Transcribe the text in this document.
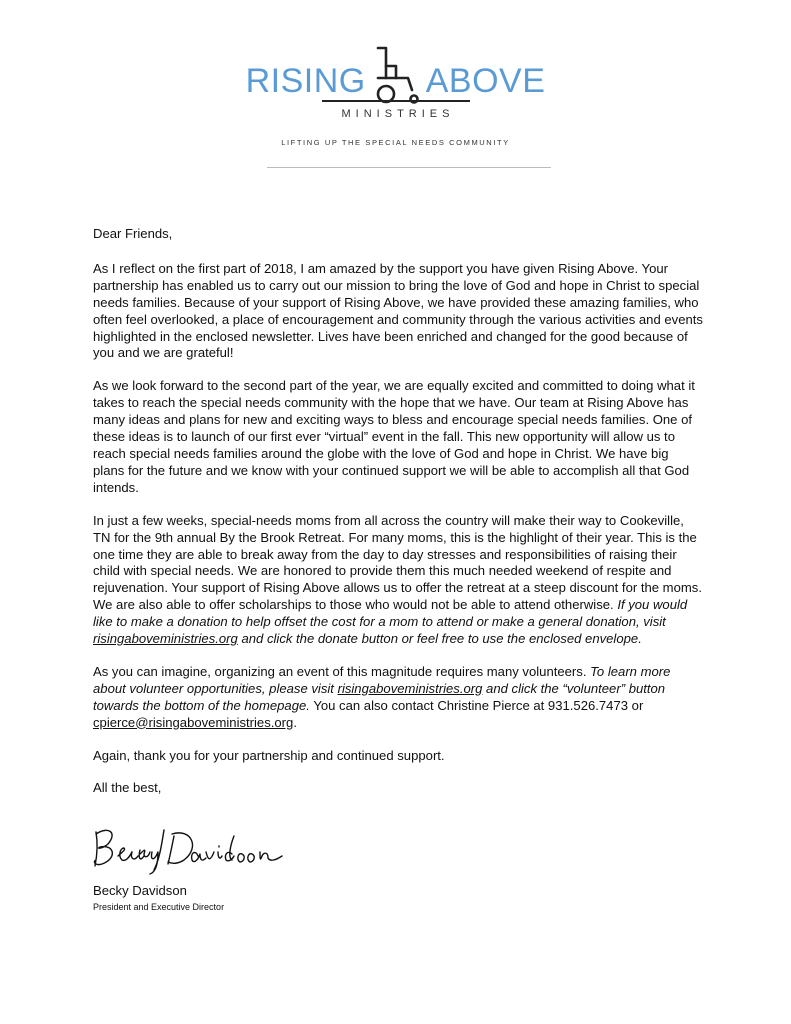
RISING ABOVE
MINISTRIES
LIFTING UP THE SPECIAL NEEDS COMMUNITY

Dear Friends,

As I reflect on the first part of 2018, I am amazed by the support you have given Rising Above. Your partnership has enabled us to carry out our mission to bring the love of God and hope in Christ to special needs families. Because of your support of Rising Above, we have provided these amazing families, who often feel overlooked, a place of encouragement and community through the various activities and events highlighted in the enclosed newsletter. Lives have been enriched and changed for the good because of you and we are grateful!

As we look forward to the second part of the year, we are equally excited and committed to doing what it takes to reach the special needs community with the hope that we have. Our team at Rising Above has many ideas and plans for new and exciting ways to bless and encourage special needs families. One of these ideas is to launch of our first ever “virtual” event in the fall. This new opportunity will allow us to reach special needs families around the globe with the love of God and hope in Christ. We have big plans for the future and we know with your continued support we will be able to accomplish all that God intends.

In just a few weeks, special-needs moms from all across the country will make their way to Cookeville, TN for the 9th annual By the Brook Retreat. For many moms, this is the highlight of their year. This is the one time they are able to break away from the day to day stresses and responsibilities of raising their child with special needs. We are honored to provide them this much needed weekend of respite and rejuvenation. Your support of Rising Above allows us to offer the retreat at a steep discount for the moms. We are also able to offer scholarships to those who would not be able to attend otherwise. If you would like to make a donation to help offset the cost for a mom to attend or make a general donation, visit risingaboveministries.org and click the donate button or feel free to use the enclosed envelope.

As you can imagine, organizing an event of this magnitude requires many volunteers. To learn more about volunteer opportunities, please visit risingaboveministries.org and click the “volunteer” button towards the bottom of the homepage. You can also contact Christine Pierce at 931.526.7473 or cpierce@risingaboveministries.org.

Again, thank you for your partnership and continued support.

All the best,

Becky Davidson
President and Executive Director
